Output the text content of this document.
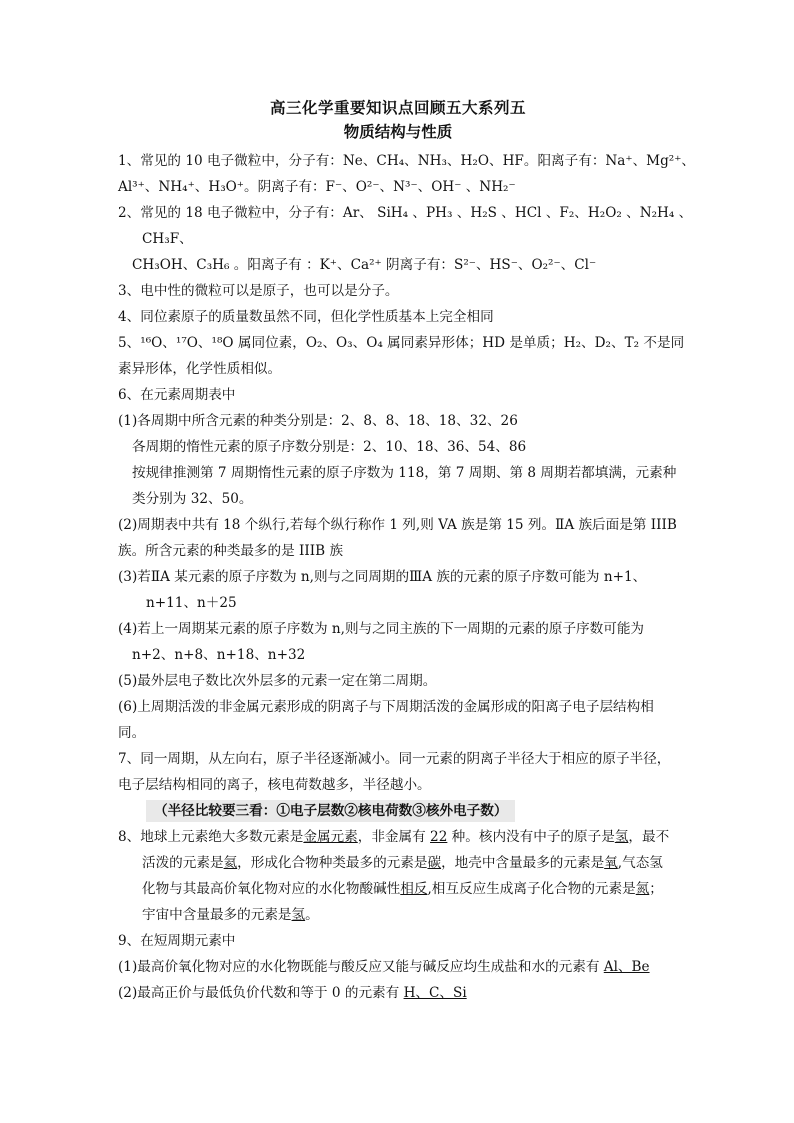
高三化学重要知识点回顾五大系列五
物质结构与性质
1、常见的 10 电子微粒中，分子有：Ne、CH₄、NH₃、H₂O、HF。阳离子有：Na⁺、Mg²⁺、
Al³⁺、NH₄⁺、H₃O⁺。阴离子有：F⁻、O²⁻、N³⁻、OH⁻ 、NH₂⁻
2、常见的 18 电子微粒中，分子有：Ar、 SiH₄ 、PH₃ 、H₂S 、HCl 、F₂、H₂O₂ 、N₂H₄ 、
CH₃F、
CH₃OH、C₃H₆ 。阳离子有 ：K⁺、Ca²⁺ 阴离子有：S²⁻、HS⁻、O₂²⁻、Cl⁻
3、电中性的微粒可以是原子，也可以是分子。
4、同位素原子的质量数虽然不同，但化学性质基本上完全相同
5、¹⁶O、¹⁷O、¹⁸O 属同位素，O₂、O₃、O₄ 属同素异形体；HD 是单质；H₂、D₂、T₂ 不是同
素异形体，化学性质相似。
6、在元素周期表中
(1)各周期中所含元素的种类分别是：2、8、8、18、18、32、26
各周期的惰性元素的原子序数分别是：2、10、18、36、54、86
按规律推测第 7 周期惰性元素的原子序数为 118，第 7 周期、第 8 周期若都填满，元素种
类分别为 32、50。
(2)周期表中共有 18 个纵行,若每个纵行称作 1 列,则 VA 族是第 15 列。ⅡA 族后面是第 IIIB
族。所含元素的种类最多的是 IIIB 族
(3)若ⅡA 某元素的原子序数为 n,则与之同周期的ⅢA 族的元素的原子序数可能为 n+1、
n+11、n＋25
(4)若上一周期某元素的原子序数为 n,则与之同主族的下一周期的元素的原子序数可能为
n+2、n+8、n+18、n+32
(5)最外层电子数比次外层多的元素一定在第二周期。
(6)上周期活泼的非金属元素形成的阴离子与下周期活泼的金属形成的阳离子电子层结构相
同。
7、同一周期，从左向右，原子半径逐渐减小。同一元素的阴离子半径大于相应的原子半径，
电子层结构相同的离子，核电荷数越多，半径越小。
（半径比较要三看：①电子层数②核电荷数③核外电子数）
8、地球上元素绝大多数元素是金属元素，非金属有 22 种。核内没有中子的原子是氢，最不
活泼的元素是氦，形成化合物种类最多的元素是碳，地壳中含量最多的元素是氧,气态氢
化物与其最高价氧化物对应的水化物酸碱性相反,相互反应生成离子化合物的元素是氮；
宇宙中含量最多的元素是氢。
9、在短周期元素中
(1)最高价氧化物对应的水化物既能与酸反应又能与碱反应均生成盐和水的元素有 Al、Be
(2)最高正价与最低负价代数和等于 0 的元素有 H、C、Si
